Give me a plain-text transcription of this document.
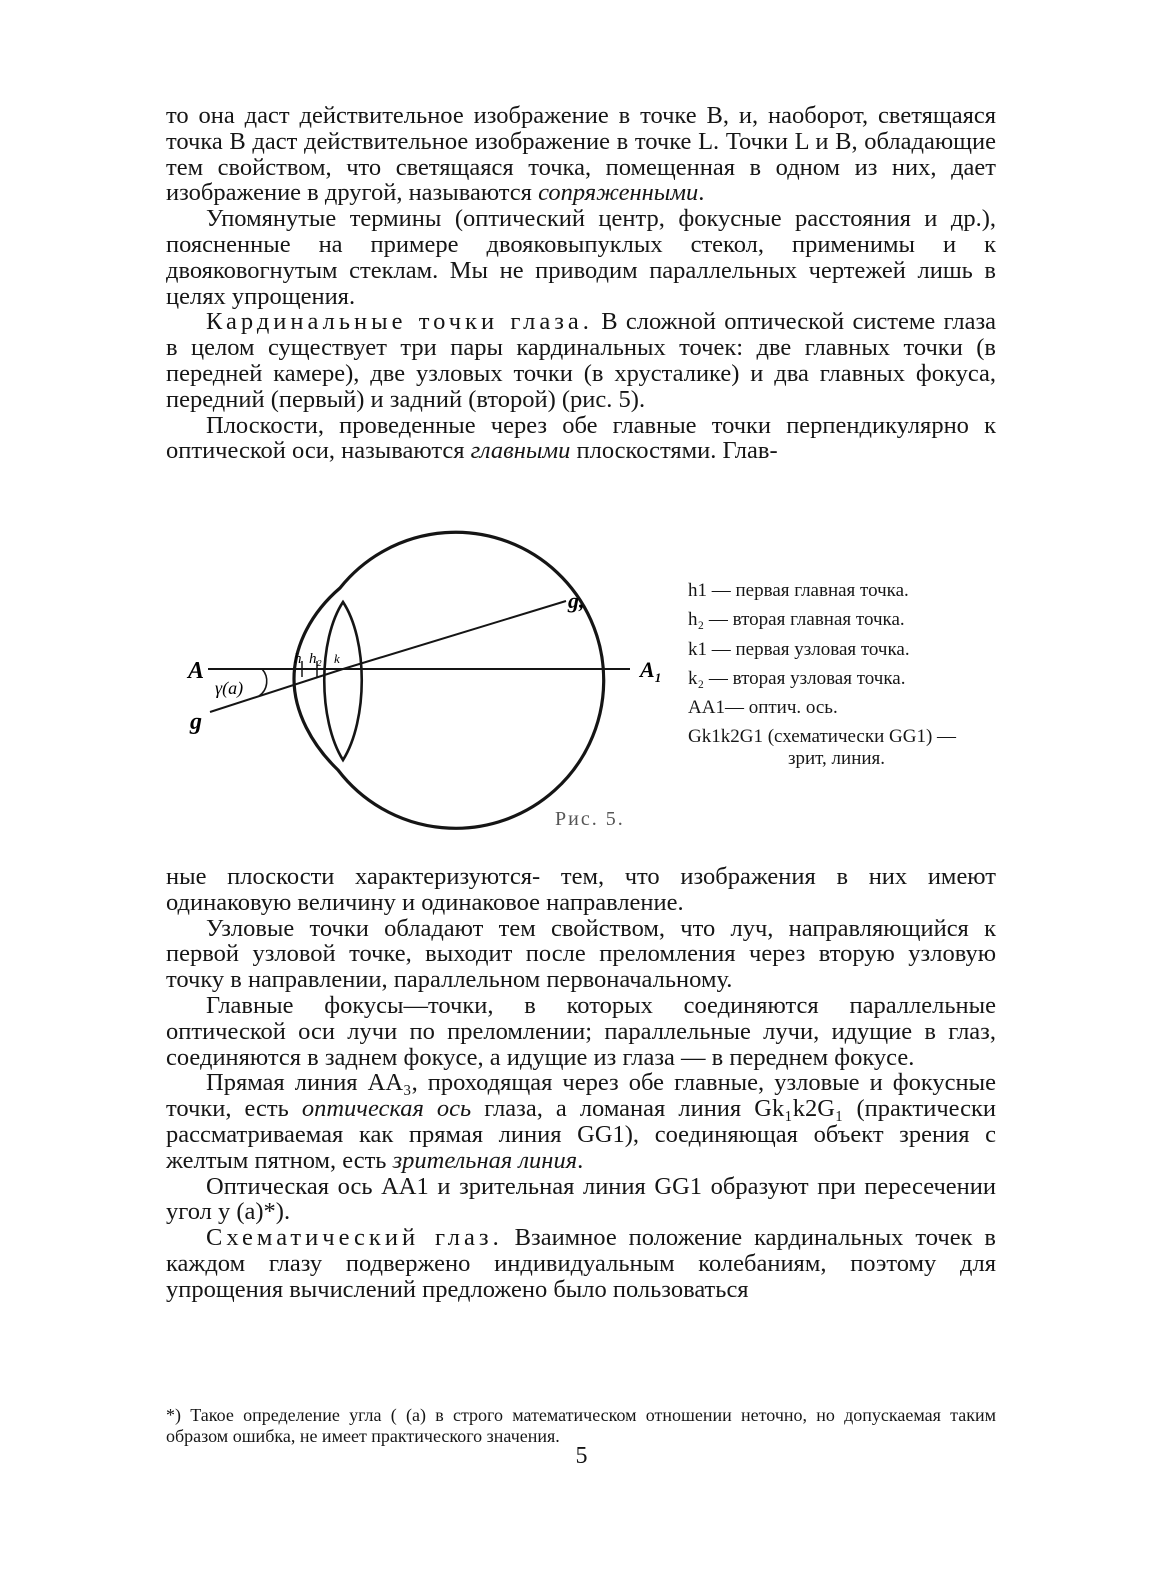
то она даст действительное изображение в точке В, и, наоборот, светящаяся точка В даст действительное изображение в точке L. Точки L и В, обладающие тем свойством, что светящаяся точка, помещенная в одном из них, дает изображение в другой, называются сопряженными.

Упомянутые термины (оптический центр, фокусные расстояния и др.), поясненные на примере двояковыпуклых стекол, применимы и к двояковогнутым стеклам. Мы не приводим параллельных чертежей лишь в целях упрощения.

Кардинальные точки глаза. В сложной оптической системе глаза в целом существует три пары кардинальных точек: две главных точки (в передней камере), две узловых точки (в хрусталике) и два главных фокуса, передний (первый) и задний (второй) (рис. 5).

Плоскости, проведенные через обе главные точки перпендикулярно к оптической оси, называются главными плоскостями. Глав-

A
g
γ(a)
h h₂ k
g,
$A_1$
h1 — первая главная точка.
h₂ — вторая главная точка.
k1 — первая узловая точка.
k₂ — вторая узловая точка.
АА1— оптич. ось.
Gk1k2G1 (схематически GG1) —
зрит, линия.
Рис. 5.

ные плоскости характеризуются- тем, что изображения в них имеют одинаковую величину и одинаковое направление.

Узловые точки обладают тем свойством, что луч, направляющийся к первой узловой точке, выходит после преломления через вторую узловую точку в направлении, параллельном первоначальному.

Главные фокусы—точки, в которых соединяются параллельные оптической оси лучи по преломлении; параллельные лучи, идущие в глаз, соединяются в заднем фокусе, а идущие из глаза — в переднем фокусе.

Прямая линия АА₃, проходящая через обе главные, узловые и фокусные точки, есть оптическая ось глаза, а ломаная линия Gk₁k2G₁ (практически рассматриваемая как прямая линия GG1), соединяющая объект зрения с желтым пятном, есть зрительная линия.

Оптическая ось АА1 и зрительная линия GG1 образуют при пересечении угол у (а)*).

Схематический глаз. Взаимное положение кардинальных точек в каждом глазу подвержено индивидуальным колебаниям, поэтому для упрощения вычислений предложено было пользоваться

*) Такое определение угла ( (а) в строго математическом отношении неточно, но допускаемая таким образом ошибка, не имеет практического значения.
5
